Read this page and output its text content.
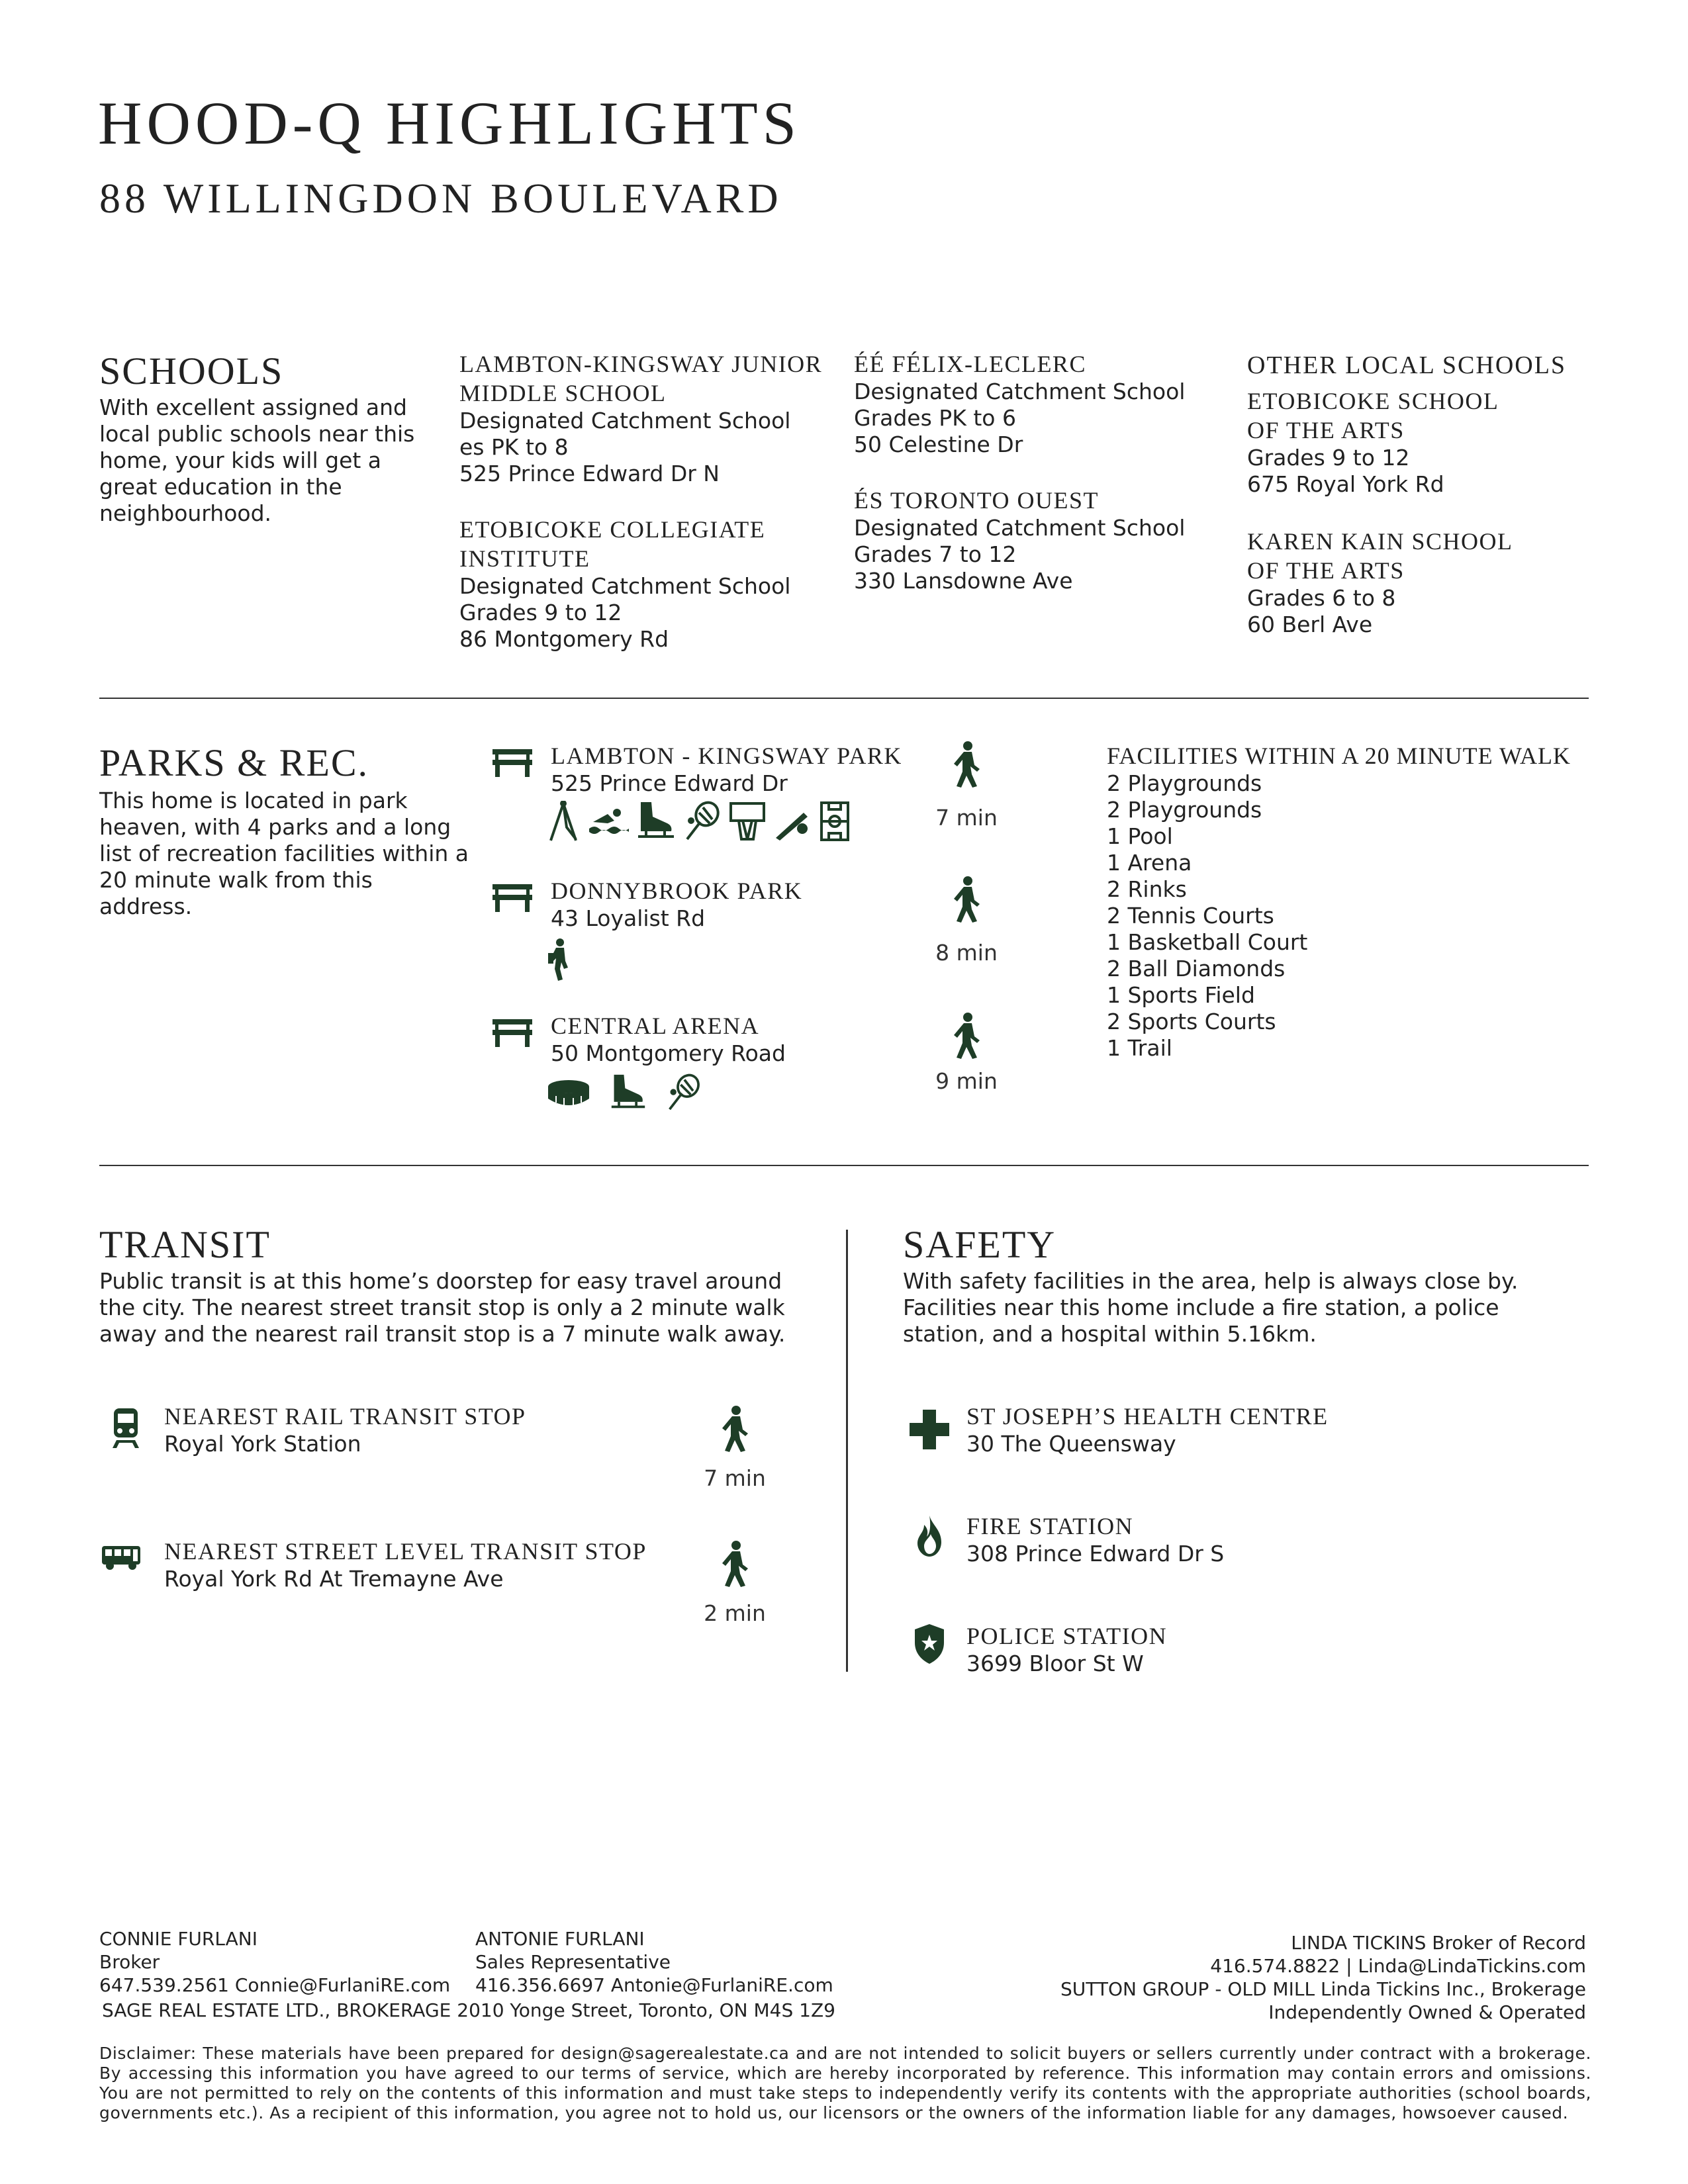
HOOD-Q HIGHLIGHTS
88 WILLINGDON BOULEVARD
SCHOOLS
With excellent assigned and
local public schools near this
home, your kids will get a
great education in the
neighbourhood.
LAMBTON-KINGSWAY JUNIOR
MIDDLE SCHOOL
Designated Catchment School
es PK to 8
525 Prince Edward Dr N
ETOBICOKE COLLEGIATE
INSTITUTE
Designated Catchment School
Grades 9 to 12
86 Montgomery Rd
ÉÉ FÉLIX-LECLERC
Designated Catchment School
Grades PK to 6
50 Celestine Dr
ÉS TORONTO OUEST
Designated Catchment School
Grades 7 to 12
330 Lansdowne Ave
OTHER LOCAL SCHOOLS
ETOBICOKE SCHOOL
OF THE ARTS
Grades 9 to 12
675 Royal York Rd
KAREN KAIN SCHOOL
OF THE ARTS
Grades 6 to 8
60 Berl Ave
PARKS & REC.
This home is located in park
heaven, with 4 parks and a long
list of recreation facilities within a
20 minute walk from this address.
LAMBTON - KINGSWAY PARK
525 Prince Edward Dr
7 min
DONNYBROOK PARK
43 Loyalist Rd
8 min
CENTRAL ARENA
50 Montgomery Road
9 min
FACILITIES WITHIN A 20 MINUTE WALK
2 Playgrounds
2 Playgrounds
1 Pool
1 Arena
2 Rinks
2 Tennis Courts
1 Basketball Court
2 Ball Diamonds
1 Sports Field
2 Sports Courts
1 Trail
TRANSIT
Public transit is at this home’s doorstep for easy travel around
the city. The nearest street transit stop is only a 2 minute walk
away and the nearest rail transit stop is a 7 minute walk away.
NEAREST RAIL TRANSIT STOP
Royal York Station
7 min
NEAREST STREET LEVEL TRANSIT STOP
Royal York Rd At Tremayne Ave
2 min
SAFETY
With safety facilities in the area, help is always close by.
Facilities near this home include a fire station, a police
station, and a hospital within 5.16km.
ST JOSEPH’S HEALTH CENTRE
30 The Queensway
FIRE STATION
308 Prince Edward Dr S
POLICE STATION
3699 Bloor St W
CONNIE FURLANI
Broker
647.539.2561 Connie@FurlaniRE.com
ANTONIE FURLANI
Sales Representative
416.356.6697 Antonie@FurlaniRE.com
SAGE REAL ESTATE LTD., BROKERAGE 2010 Yonge Street, Toronto, ON M4S 1Z9
LINDA TICKINS Broker of Record
416.574.8822 | Linda@LindaTickins.com
SUTTON GROUP - OLD MILL Linda Tickins Inc., Brokerage
Independently Owned & Operated
Disclaimer: These materials have been prepared for design@sagerealestate.ca and are not intended to solicit buyers or sellers currently under contract with a brokerage. By accessing this information you have agreed to our terms of service, which are hereby incorporated by reference. This information may contain errors and omissions. You are not permitted to rely on the contents of this information and must take steps to independently verify its contents with the appropriate authorities (school boards, governments etc.). As a recipient of this information, you agree not to hold us, our licensors or the owners of the information liable for any damages, howsoever caused.
